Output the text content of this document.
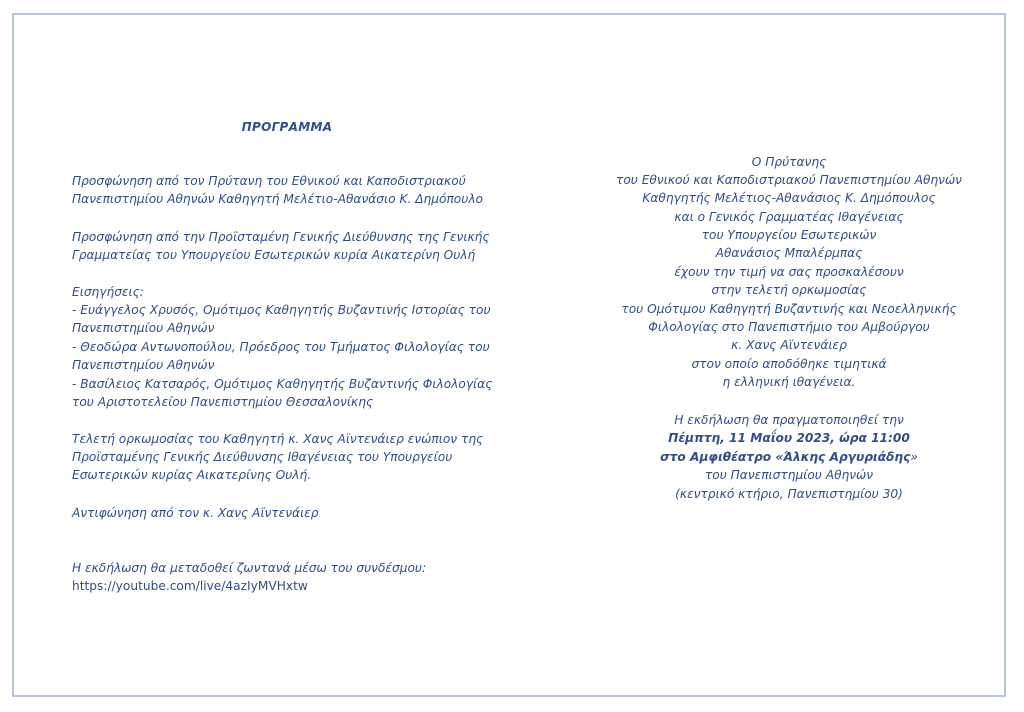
ΠΡΟΓΡΑΜΜΑ
Προσφώνηση από τον Πρύτανη του Εθνικού και Καποδιστριακού
Πανεπιστημίου Αθηνών Καθηγητή Μελέτιο-Αθανάσιο Κ. Δημόπουλο
Προσφώνηση από την Προϊσταμένη Γενικής Διεύθυνσης της Γενικής
Γραμματείας του Υπουργείου Εσωτερικών κυρία Αικατερίνη Ουλή
Εισηγήσεις:
- Ευάγγελος Χρυσός, Ομότιμος Καθηγητής Βυζαντινής Ιστορίας του
Πανεπιστημίου Αθηνών
- Θεοδώρα Αντωνοπούλου, Πρόεδρος του Τμήματος Φιλολογίας του
Πανεπιστημίου Αθηνών
- Βασίλειος Κατσαρός, Ομότιμος Καθηγητής Βυζαντινής Φιλολογίας
του Αριστοτελείου Πανεπιστημίου Θεσσαλονίκης
Τελετή ορκωμοσίας του Καθηγητή κ. Χανς Αϊντενάιερ ενώπιον της
Προϊσταμένης Γενικής Διεύθυνσης Ιθαγένειας του Υπουργείου
Εσωτερικών κυρίας Αικατερίνης Ουλή.
Αντιφώνηση από τον κ. Χανς Αϊντενάιερ
Η εκδήλωση θα μεταδοθεί ζωντανά μέσω του συνδέσμου:
https://youtube.com/live/4azIyMVHxtw
Ο Πρύτανης
του Εθνικού και Καποδιστριακού Πανεπιστημίου Αθηνών
Καθηγητής Μελέτιος-Αθανάσιος Κ. Δημόπουλος
και ο Γενικός Γραμματέας Ιθαγένειας
του Υπουργείου Εσωτερικών
Αθανάσιος Μπαλέρμπας
έχουν την τιμή να σας προσκαλέσουν
στην τελετή ορκωμοσίας
του Ομότιμου Καθηγητή Βυζαντινής και Νεοελληνικής
Φιλολογίας στο Πανεπιστήμιο του Αμβούργου
κ. Χανς Αϊντενάιερ
στον οποίο αποδόθηκε τιμητικά
η ελληνική ιθαγένεια.
Η εκδήλωση θα πραγματοποιηθεί την
Πέμπτη, 11 Μαΐου 2023, ώρα 11:00
στο Αμφιθέατρο «Άλκης Αργυριάδης»
του Πανεπιστημίου Αθηνών
(κεντρικό κτήριο, Πανεπιστημίου 30)
